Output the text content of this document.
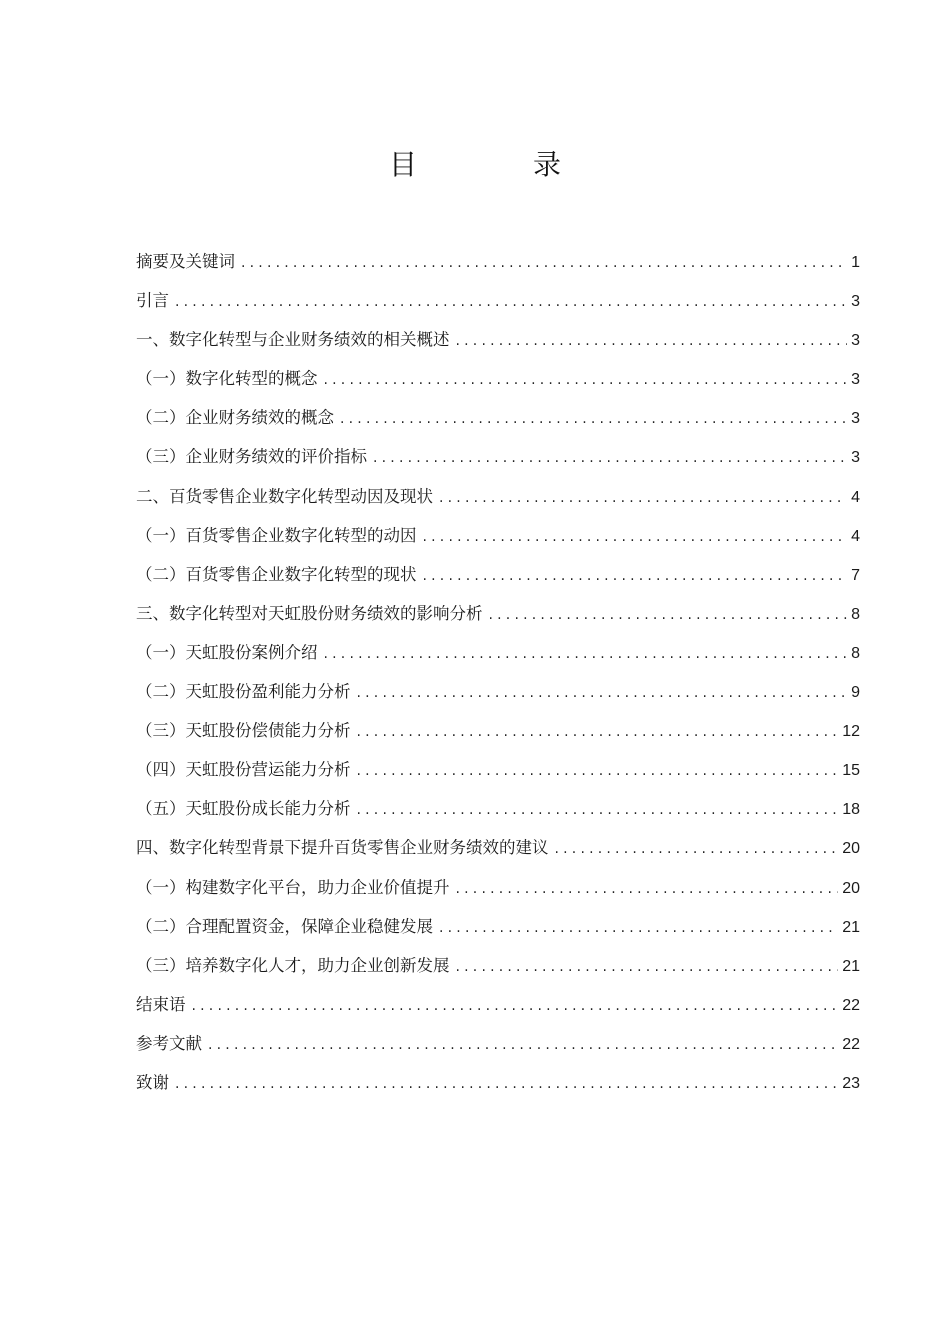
目　录
摘要及关键词 .....	1
引言 .....	3
一、数字化转型与企业财务绩效的相关概述 .....	3
（一）数字化转型的概念 .....	3
（二）企业财务绩效的概念 .....	3
（三）企业财务绩效的评价指标 .....	3
二、百货零售企业数字化转型动因及现状 .....	4
（一）百货零售企业数字化转型的动因 .....	4
（二）百货零售企业数字化转型的现状 .....	7
三、数字化转型对天虹股份财务绩效的影响分析 .....	8
（一）天虹股份案例介绍 .....	8
（二）天虹股份盈利能力分析 .....	9
（三）天虹股份偿债能力分析 .....	12
（四）天虹股份营运能力分析 .....	15
（五）天虹股份成长能力分析 .....	18
四、数字化转型背景下提升百货零售企业财务绩效的建议 .....	20
（一）构建数字化平台，助力企业价值提升 .....	20
（二）合理配置资金，保障企业稳健发展 .....	21
（三）培养数字化人才，助力企业创新发展 .....	21
结束语 .....	22
参考文献 .....	22
致谢 .....	23
